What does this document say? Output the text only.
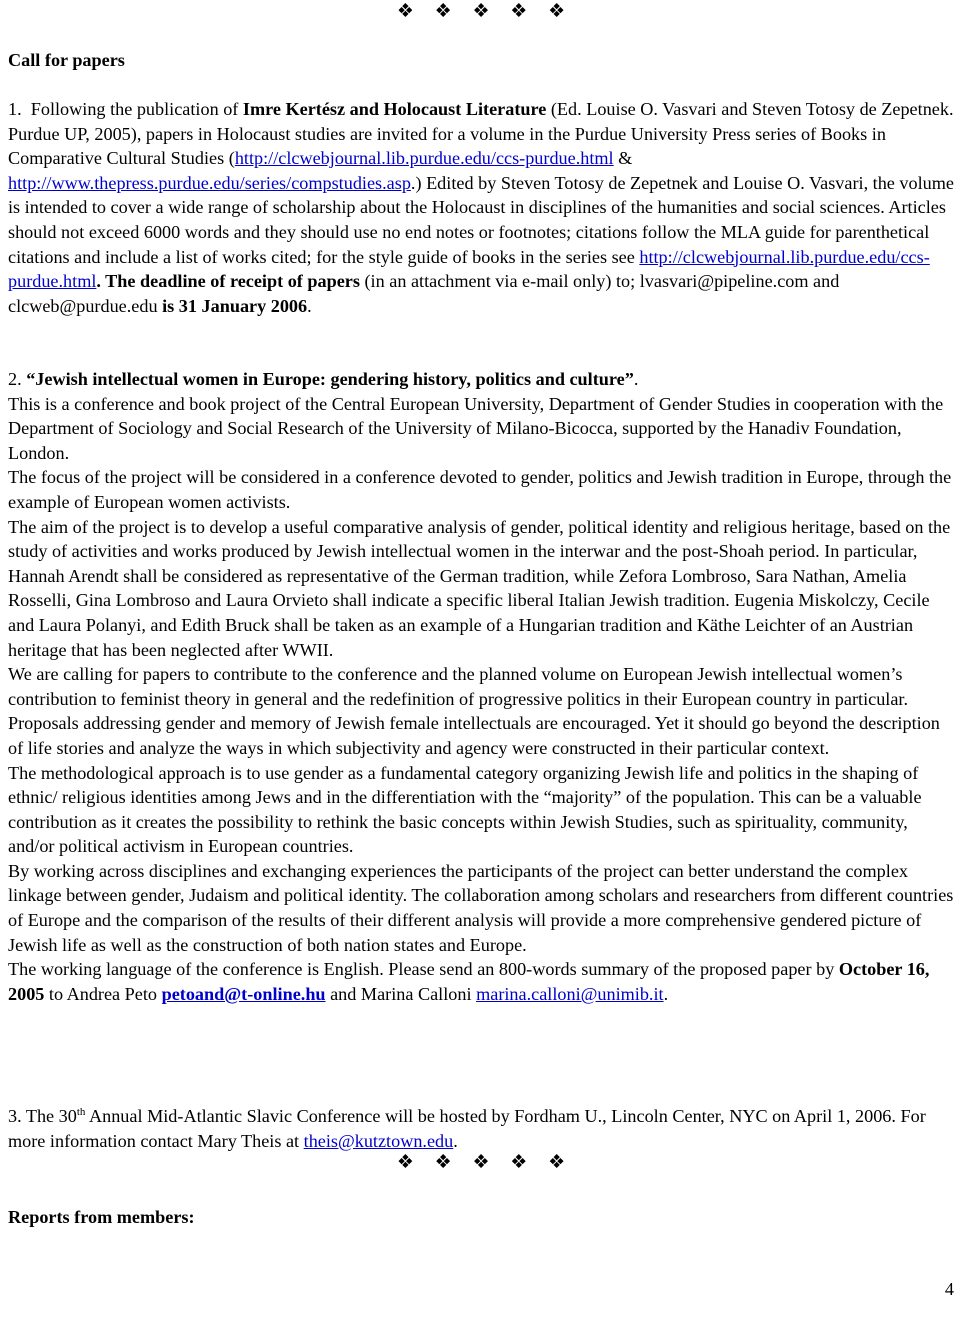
❖ ❖ ❖ ❖ ❖

Call for papers

1. Following the publication of Imre Kertész and Holocaust Literature (Ed. Louise O. Vasvari and Steven Totosy de Zepetnek. Purdue UP, 2005), papers in Holocaust studies are invited for a volume in the Purdue University Press series of Books in Comparative Cultural Studies (http://clcwebjournal.lib.purdue.edu/ccs-purdue.html & http://www.thepress.purdue.edu/series/compstudies.asp.) Edited by Steven Totosy de Zepetnek and Louise O. Vasvari, the volume is intended to cover a wide range of scholarship about the Holocaust in disciplines of the humanities and social sciences. Articles should not exceed 6000 words and they should use no end notes or footnotes; citations follow the MLA guide for parenthetical citations and include a list of works cited; for the style guide of books in the series see http://clcwebjournal.lib.purdue.edu/ccs-purdue.html. The deadline of receipt of papers (in an attachment via e-mail only) to; lvasvari@pipeline.com and clcweb@purdue.edu is 31 January 2006.

2. “Jewish intellectual women in Europe: gendering history, politics and culture”.

This is a conference and book project of the Central European University, Department of Gender Studies in cooperation with the Department of Sociology and Social Research of the University of Milano-Bicocca, supported by the Hanadiv Foundation, London.

The focus of the project will be considered in a conference devoted to gender, politics and Jewish tradition in Europe, through the example of European women activists.

The aim of the project is to develop a useful comparative analysis of gender, political identity and religious heritage, based on the study of activities and works produced by Jewish intellectual women in the interwar and the post-Shoah period. In particular, Hannah Arendt shall be considered as representative of the German tradition, while Zefora Lombroso, Sara Nathan, Amelia Rosselli, Gina Lombroso and Laura Orvieto shall indicate a specific liberal Italian Jewish tradition. Eugenia Miskolczy, Cecile and Laura Polanyi, and Edith Bruck shall be taken as an example of a Hungarian tradition and Käthe Leichter of an Austrian heritage that has been neglected after WWII.

We are calling for papers to contribute to the conference and the planned volume on European Jewish intellectual women’s contribution to feminist theory in general and the redefinition of progressive politics in their European country in particular. Proposals addressing gender and memory of Jewish female intellectuals are encouraged. Yet it should go beyond the description of life stories and analyze the ways in which subjectivity and agency were constructed in their particular context.

The methodological approach is to use gender as a fundamental category organizing Jewish life and politics in the shaping of ethnic/ religious identities among Jews and in the differentiation with the “majority” of the population. This can be a valuable contribution as it creates the possibility to rethink the basic concepts within Jewish Studies, such as spirituality, community, and/or political activism in European countries.

By working across disciplines and exchanging experiences the participants of the project can better understand the complex linkage between gender, Judaism and political identity. The collaboration among scholars and researchers from different countries of Europe and the comparison of the results of their different analysis will provide a more comprehensive gendered picture of Jewish life as well as the construction of both nation states and Europe.

The working language of the conference is English. Please send an 800-words summary of the proposed paper by October 16, 2005 to Andrea Peto petoand@t-online.hu and Marina Calloni marina.calloni@unimib.it.

3. The 30th Annual Mid-Atlantic Slavic Conference will be hosted by Fordham U., Lincoln Center, NYC on April 1, 2006. For more information contact Mary Theis at theis@kutztown.edu.

❖ ❖ ❖ ❖ ❖

Reports from members:

4
